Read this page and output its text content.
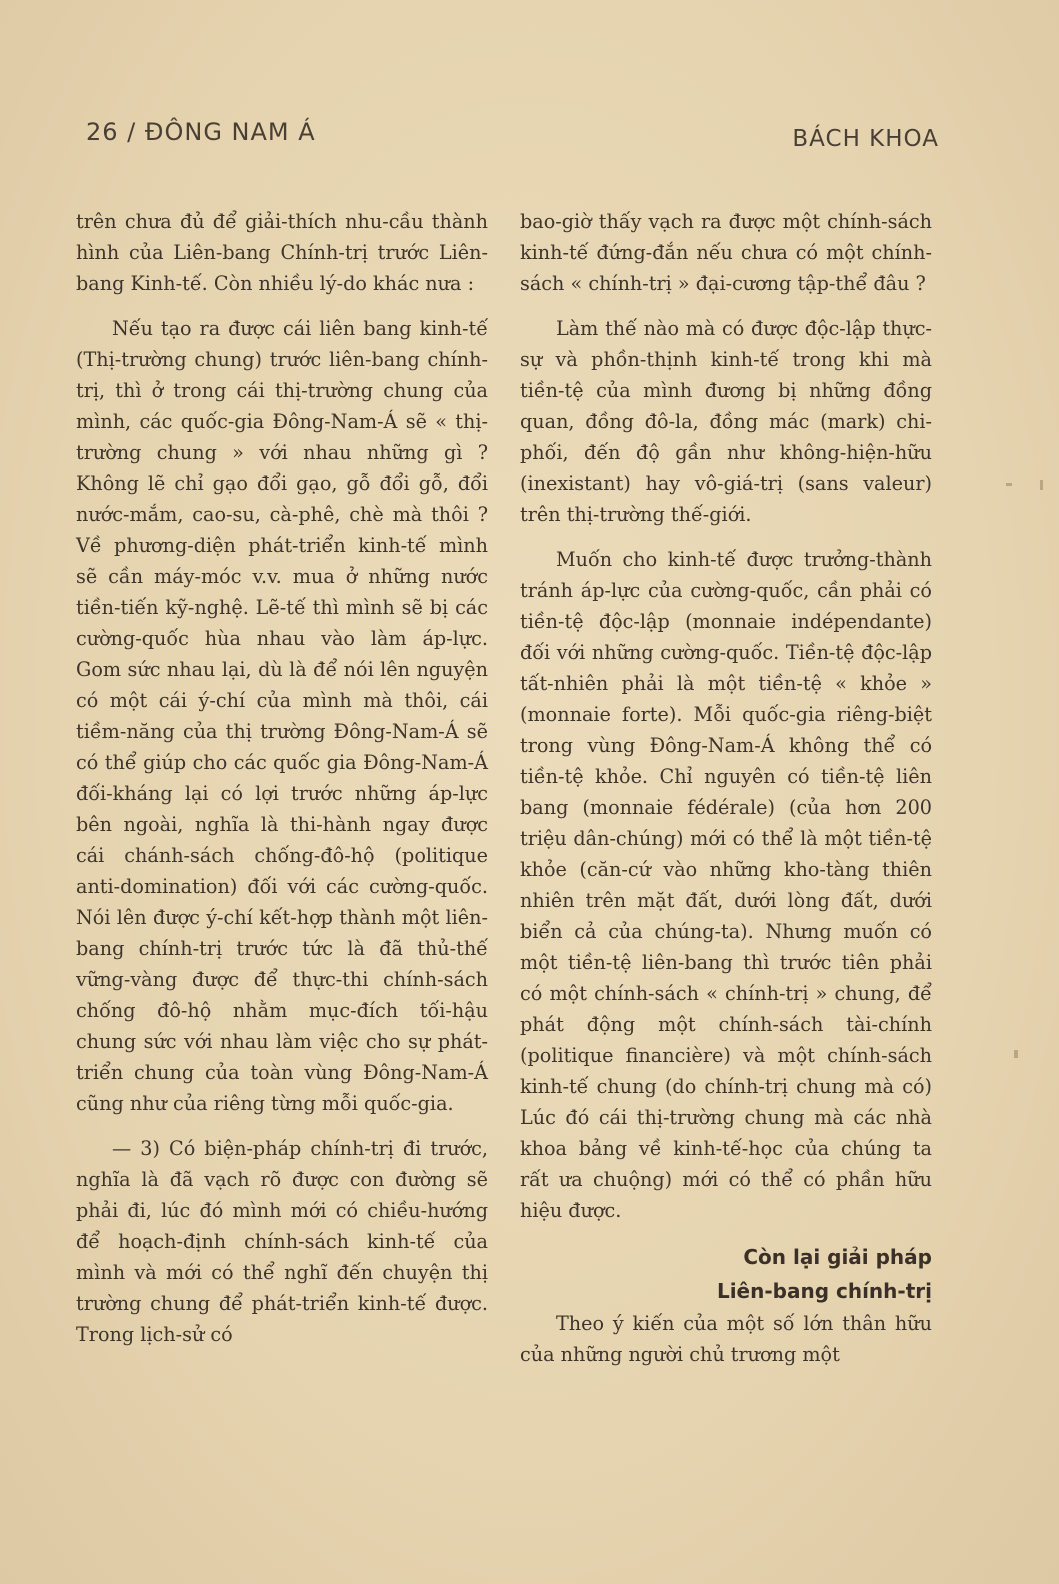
26 / ĐÔNG NAM Á	BÁCH KHOA

trên chưa đủ để giải-thích nhu-cầu thành hình của Liên-bang Chính-trị trước Liên-bang Kinh-tế. Còn nhiều lý-do khác nưa :

Nếu tạo ra được cái liên bang kinh-tế (Thị-trường chung) trước liên-bang chính-trị, thì ở trong cái thị-trường chung của mình, các quốc-gia Đông-Nam-Á sẽ « thị-trường chung » với nhau những gì ? Không lẽ chỉ gạo đổi gạo, gỗ đổi gỗ, đổi nước-mắm, cao-su, cà-phê, chè mà thôi ? Về phương-diện phát-triển kinh-tế mình sẽ cần máy-móc v.v. mua ở những nước tiền-tiến kỹ-nghệ. Lẽ-tế thì mình sẽ bị các cường-quốc hùa nhau vào làm áp-lực. Gom sức nhau lại, dù là để nói lên nguyện có một cái ý-chí của mình mà thôi, cái tiềm-năng của thị trường Đông-Nam-Á sẽ có thể giúp cho các quốc gia Đông-Nam-Á đối-kháng lại có lợi trước những áp-lực bên ngoài, nghĩa là thi-hành ngay được cái chánh-sách chống-đô-hộ (politique anti-domination) đối với các cường-quốc. Nói lên được ý-chí kết-hợp thành một liên-bang chính-trị trước tức là đã thủ-thế vững-vàng được để thực-thi chính-sách chống đô-hộ nhằm mục-đích tối-hậu chung sức với nhau làm việc cho sự phát-triển chung của toàn vùng Đông-Nam-Á cũng như của riêng từng mỗi quốc-gia.

— 3) Có biện-pháp chính-trị đi trước, nghĩa là đã vạch rõ được con đường sẽ phải đi, lúc đó mình mới có chiều-hướng để hoạch-định chính-sách kinh-tế của mình và mới có thể nghĩ đến chuyện thị trường chung để phát-triển kinh-tế được. Trong lịch-sử có

bao-giờ thấy vạch ra được một chính-sách kinh-tế đứng-đắn nếu chưa có một chính-sách « chính-trị » đại-cương tập-thể đâu ?

Làm thế nào mà có được độc-lập thực-sự và phồn-thịnh kinh-tế trong khi mà tiền-tệ của mình đương bị những đồng quan, đồng đô-la, đồng mác (mark) chi-phối, đến độ gần như không-hiện-hữu (inexistant) hay vô-giá-trị (sans valeur) trên thị-trường thế-giới.

Muốn cho kinh-tế được trưởng-thành tránh áp-lực của cường-quốc, cần phải có tiền-tệ độc-lập (monnaie indépendante) đối với những cường-quốc. Tiền-tệ độc-lập tất-nhiên phải là một tiền-tệ « khỏe » (monnaie forte). Mỗi quốc-gia riêng-biệt trong vùng Đông-Nam-Á không thể có tiền-tệ khỏe. Chỉ nguyên có tiền-tệ liên bang (monnaie fédérale) (của hơn 200 triệu dân-chúng) mới có thể là một tiền-tệ khỏe (căn-cứ vào những kho-tàng thiên nhiên trên mặt đất, dưới lòng đất, dưới biển cả của chúng-ta). Nhưng muốn có một tiền-tệ liên-bang thì trước tiên phải có một chính-sách « chính-trị » chung, để phát động một chính-sách tài-chính (politique financière) và một chính-sách kinh-tế chung (do chính-trị chung mà có) Lúc đó cái thị-trường chung mà các nhà khoa bảng về kinh-tế-học của chúng ta rất ưa chuộng) mới có thể có phần hữu hiệu được.

Còn lại giải pháp
Liên-bang chính-trị

Theo ý kiến của một số lớn thân hữu của những người chủ trương một
